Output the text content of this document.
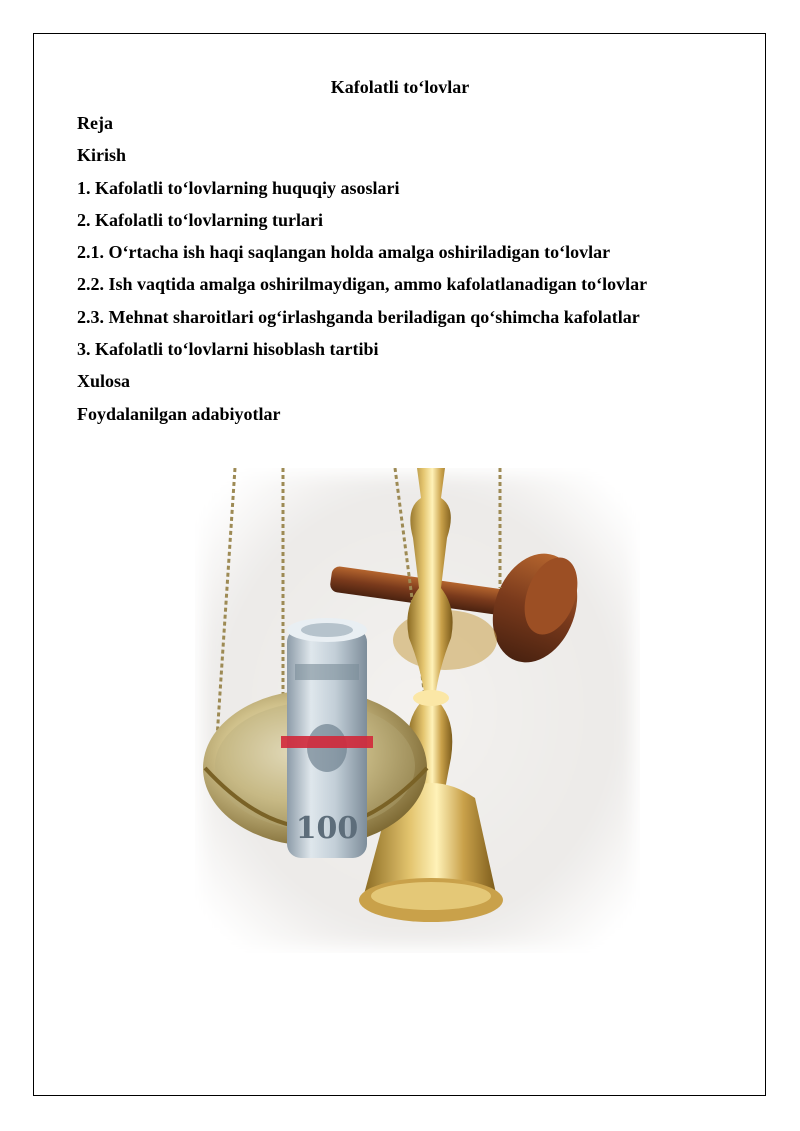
Kafolatli to‘lovlar
Reja
Kirish
1. Kafolatli to‘lovlarning huquqiy asoslari
2. Kafolatli to‘lovlarning turlari
2.1. O‘rtacha ish haqi saqlangan holda amalga oshiriladigan to‘lovlar
2.2. Ish vaqtida amalga oshirilmaydigan, ammo kafolatlanadigan to‘lovlar
2.3. Mehnat sharoitlari og‘irlashganda beriladigan qo‘shimcha kafolatlar
3. Kafolatli to‘lovlarni hisoblash tartibi
Xulosa
Foydalanilgan adabiyotlar
100
